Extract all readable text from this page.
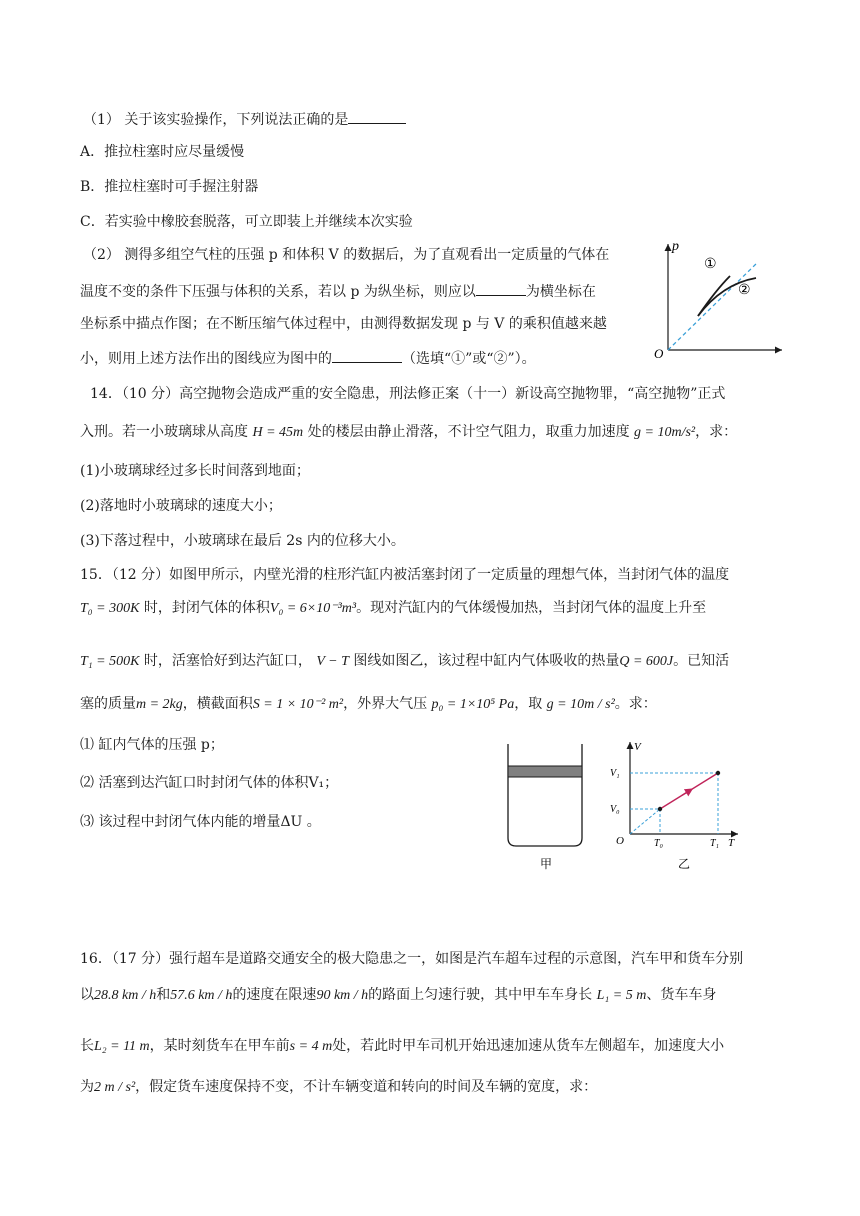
（1） 关于该实验操作，下列说法正确的是
A．推拉柱塞时应尽量缓慢
B．推拉柱塞时可手握注射器
C．若实验中橡胶套脱落，可立即装上并继续本次实验
（2） 测得多组空气柱的压强 p 和体积 V 的数据后，为了直观看出一定质量的气体在
温度不变的条件下压强与体积的关系，若以 p 为纵坐标，则应以	为横坐标在
坐标系中描点作图；在不断压缩气体过程中，由测得数据发现 p 与 V 的乘积值越来越
小，则用上述方法作出的图线应为图中的	（选填“①”或“②”）。
p
O
①
②
14．（10 分）高空抛物会造成严重的安全隐患，刑法修正案（十一）新设高空抛物罪，“高空抛物”正式
入刑。若一小玻璃球从高度 H = 45m 处的楼层由静止滑落，不计空气阻力，取重力加速度 g = 10m/s²，求：
(1)小玻璃球经过多长时间落到地面；
(2)落地时小玻璃球的速度大小；
(3)下落过程中，小玻璃球在最后 2s 内的位移大小。
15．（12 分）如图甲所示，内壁光滑的柱形汽缸内被活塞封闭了一定质量的理想气体，当封闭气体的温度
T₀ = 300K 时，封闭气体的体积V₀ = 6×10⁻³m³。现对汽缸内的气体缓慢加热，当封闭气体的温度上升至
T₁ = 500K 时，活塞恰好到达汽缸口， V − T 图线如图乙，该过程中缸内气体吸收的热量Q = 600J。已知活
塞的质量m = 2kg，横截面积S = 1 × 10⁻² m²，外界大气压 p₀ = 1×10⁵ Pa，取 g = 10m / s²。求：
⑴ 缸内气体的压强 p；
⑵ 活塞到达汽缸口时封闭气体的体积V₁；
⑶ 该过程中封闭气体内能的增量ΔU 。
甲
V
T
O
V₁
V₀
T₀	T₁
乙
16．（17 分）强行超车是道路交通安全的极大隐患之一，如图是汽车超车过程的示意图，汽车甲和货车分别
以28.8 km / h和57.6 km / h的速度在限速90 km / h的路面上匀速行驶，其中甲车车身长 L₁ = 5 m、货车车身
长L₂ = 11 m，某时刻货车在甲车前s = 4 m处，若此时甲车司机开始迅速加速从货车左侧超车，加速度大小
为2 m / s²，假定货车速度保持不变，不计车辆变道和转向的时间及车辆的宽度，求：
